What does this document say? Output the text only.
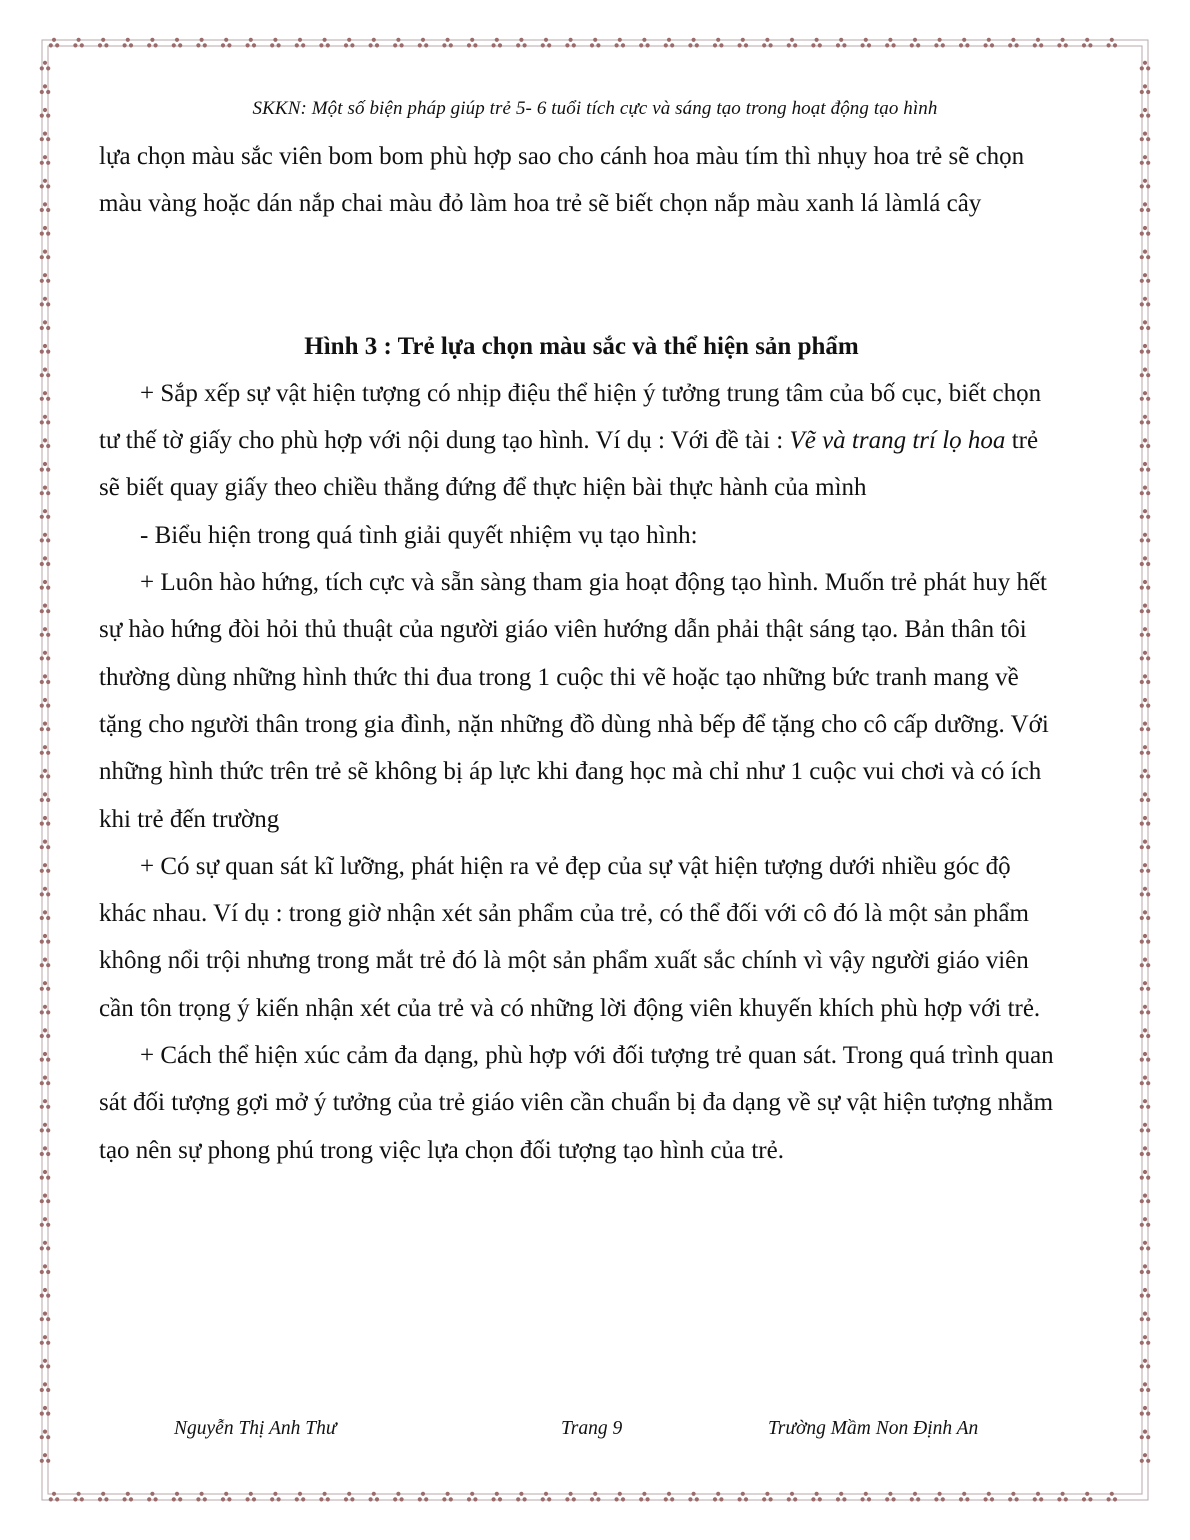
SKKN: Một số biện pháp giúp trẻ 5- 6 tuổi tích cực và sáng tạo trong hoạt động tạo hình

lựa chọn màu sắc viên bom bom phù hợp sao cho cánh hoa màu tím thì nhụy hoa trẻ sẽ chọn màu vàng hoặc dán nắp chai màu đỏ làm hoa trẻ sẽ biết chọn nắp màu xanh lá làmlá cây

Hình 3 : Trẻ lựa chọn màu sắc và thể hiện sản phẩm

+ Sắp xếp sự vật hiện tượng có nhịp điệu thể hiện ý tưởng trung tâm của bố cục, biết chọn tư thế tờ giấy cho phù hợp với nội dung tạo hình. Ví dụ : Với đề tài : Vẽ và trang trí lọ hoa trẻ sẽ biết quay giấy theo chiều thẳng đứng để thực hiện bài thực hành của mình

- Biểu hiện trong quá tình giải quyết nhiệm vụ tạo hình:

+ Luôn hào hứng, tích cực và sẵn sàng tham gia hoạt động tạo hình. Muốn trẻ phát huy hết sự hào hứng đòi hỏi thủ thuật của người giáo viên hướng dẫn phải thật sáng tạo. Bản thân tôi thường dùng những hình thức thi đua trong 1 cuộc thi vẽ hoặc tạo những bức tranh mang về tặng cho người thân trong gia đình, nặn những đồ dùng nhà bếp để tặng cho cô cấp dưỡng. Với những hình thức trên trẻ sẽ không bị áp lực khi đang học mà chỉ như 1 cuộc vui chơi và có ích khi trẻ đến trường

+ Có sự quan sát kĩ lưỡng, phát hiện ra vẻ đẹp của sự vật hiện tượng dưới nhiều góc độ khác nhau. Ví dụ : trong giờ nhận xét sản phẩm của trẻ, có thể đối với cô đó là một sản phẩm không nổi trội nhưng trong mắt trẻ đó là một sản phẩm xuất sắc chính vì vậy người giáo viên cần tôn trọng ý kiến nhận xét của trẻ và có những lời động viên khuyến khích phù hợp với trẻ.

+ Cách thể hiện xúc cảm đa dạng, phù hợp với đối tượng trẻ quan sát. Trong quá trình quan sát đối tượng gợi mở ý tưởng của trẻ giáo viên cần chuẩn bị đa dạng về sự vật hiện tượng nhằm tạo nên sự phong phú trong việc lựa chọn đối tượng tạo hình của trẻ.

Nguyễn Thị Anh Thư	Trang 9	Trường Mầm Non Định An
